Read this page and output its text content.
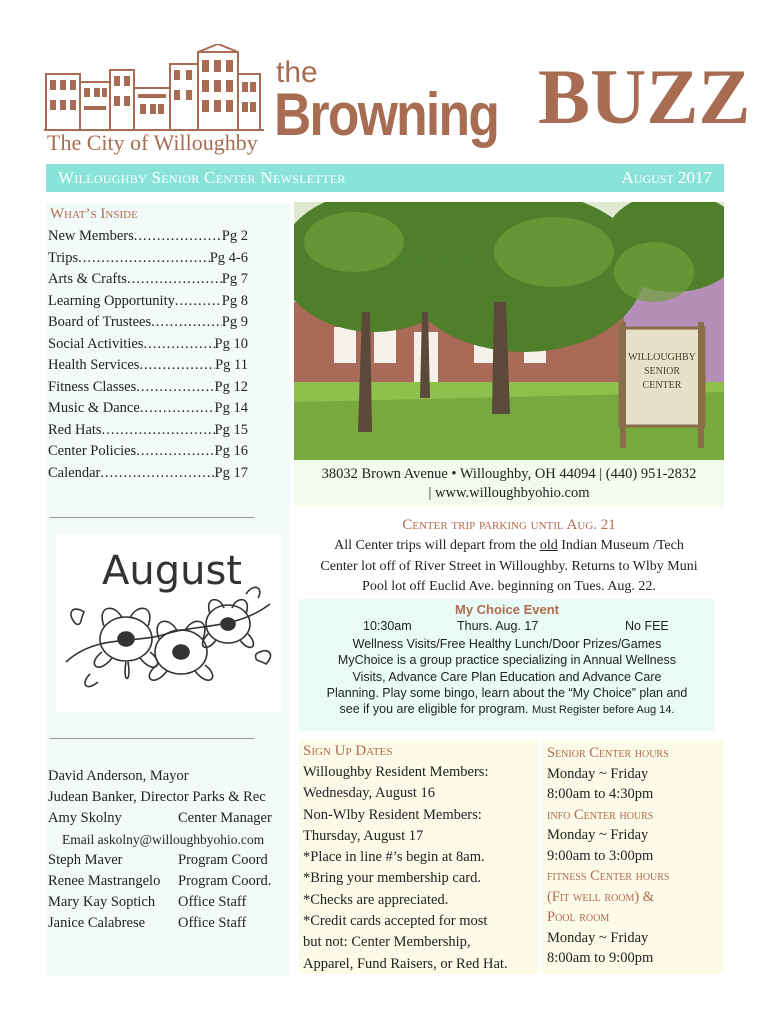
The City of Willoughby
the
Browning BUZZ
Willoughby Senior Center Newsletter	August 2017
What’s Inside
New Members .....	Pg 2
Trips .....	Pg 4-6
Arts & Crafts .....	Pg 7
Learning Opportunity .....	Pg 8
Board of Trustees .....	Pg 9
Social Activities .....	Pg 10
Health Services .....	Pg 11
Fitness Classes .....	Pg 12
Music & Dance .....	Pg 14
Red Hats .....	Pg 15
Center Policies .....	Pg 16
Calendar .....	Pg 17
August
David Anderson, Mayor
Judean Banker, Director Parks & Rec
Amy Skolny	Center Manager
Email askolny@willoughbyohio.com
Steph Maver	Program Coord
Renee Mastrangelo	Program Coord.
Mary Kay Soptich	Office Staff
Janice Calabrese	Office Staff
WILLOUGHBY
SENIOR
CENTER
38032 Brown Avenue • Willoughby, OH 44094 | (440) 951-2832
| www.willoughbyohio.com
Center trip parking until Aug. 21
All Center trips will depart from the old Indian Museum /Tech
Center lot off of River Street in Willoughby. Returns to Wlby Muni
Pool lot off Euclid Ave. beginning on Tues. Aug. 22.
My Choice Event
10:30am	Thurs. Aug. 17	No FEE
Wellness Visits/Free Healthy Lunch/Door Prizes/Games
MyChoice is a group practice specializing in Annual Wellness
Visits, Advance Care Plan Education and Advance Care
Planning. Play some bingo, learn about the “My Choice” plan and
see if you are eligible for program. Must Register before Aug 14.
Sign Up Dates
Willoughby Resident Members:
Wednesday, August 16
Non-Wlby Resident Members:
Thursday, August 17
*Place in line #’s begin at 8am.
*Bring your membership card.
*Checks are appreciated.
*Credit cards accepted for most
but not: Center Membership,
Apparel, Fund Raisers, or Red Hat.
Senior Center hours
Monday ~ Friday
8:00am to 4:30pm
info Center hours
Monday ~ Friday
9:00am to 3:00pm
fitness Center hours
(Fit well room) &
Pool room
Monday ~ Friday
8:00am to 9:00pm
